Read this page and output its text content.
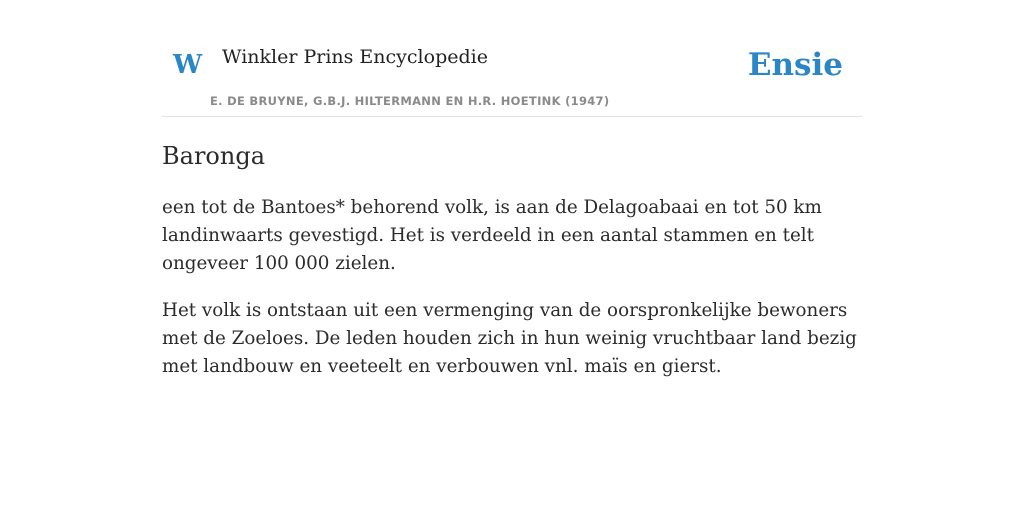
W Winkler Prins Encyclopedie
E. DE BRUYNE, G.B.J. HILTERMANN EN H.R. HOETINK (1947)
Ensie
Baronga

een tot de Bantoes* behorend volk, is aan de Delagoabaai en tot 50 km landinwaarts gevestigd. Het is verdeeld in een aantal stammen en telt ongeveer 100 000 zielen.

Het volk is ontstaan uit een vermenging van de oorspronkelijke bewoners met de Zoeloes. De leden houden zich in hun weinig vruchtbaar land bezig met landbouw en veeteelt en verbouwen vnl. maïs en gierst.
